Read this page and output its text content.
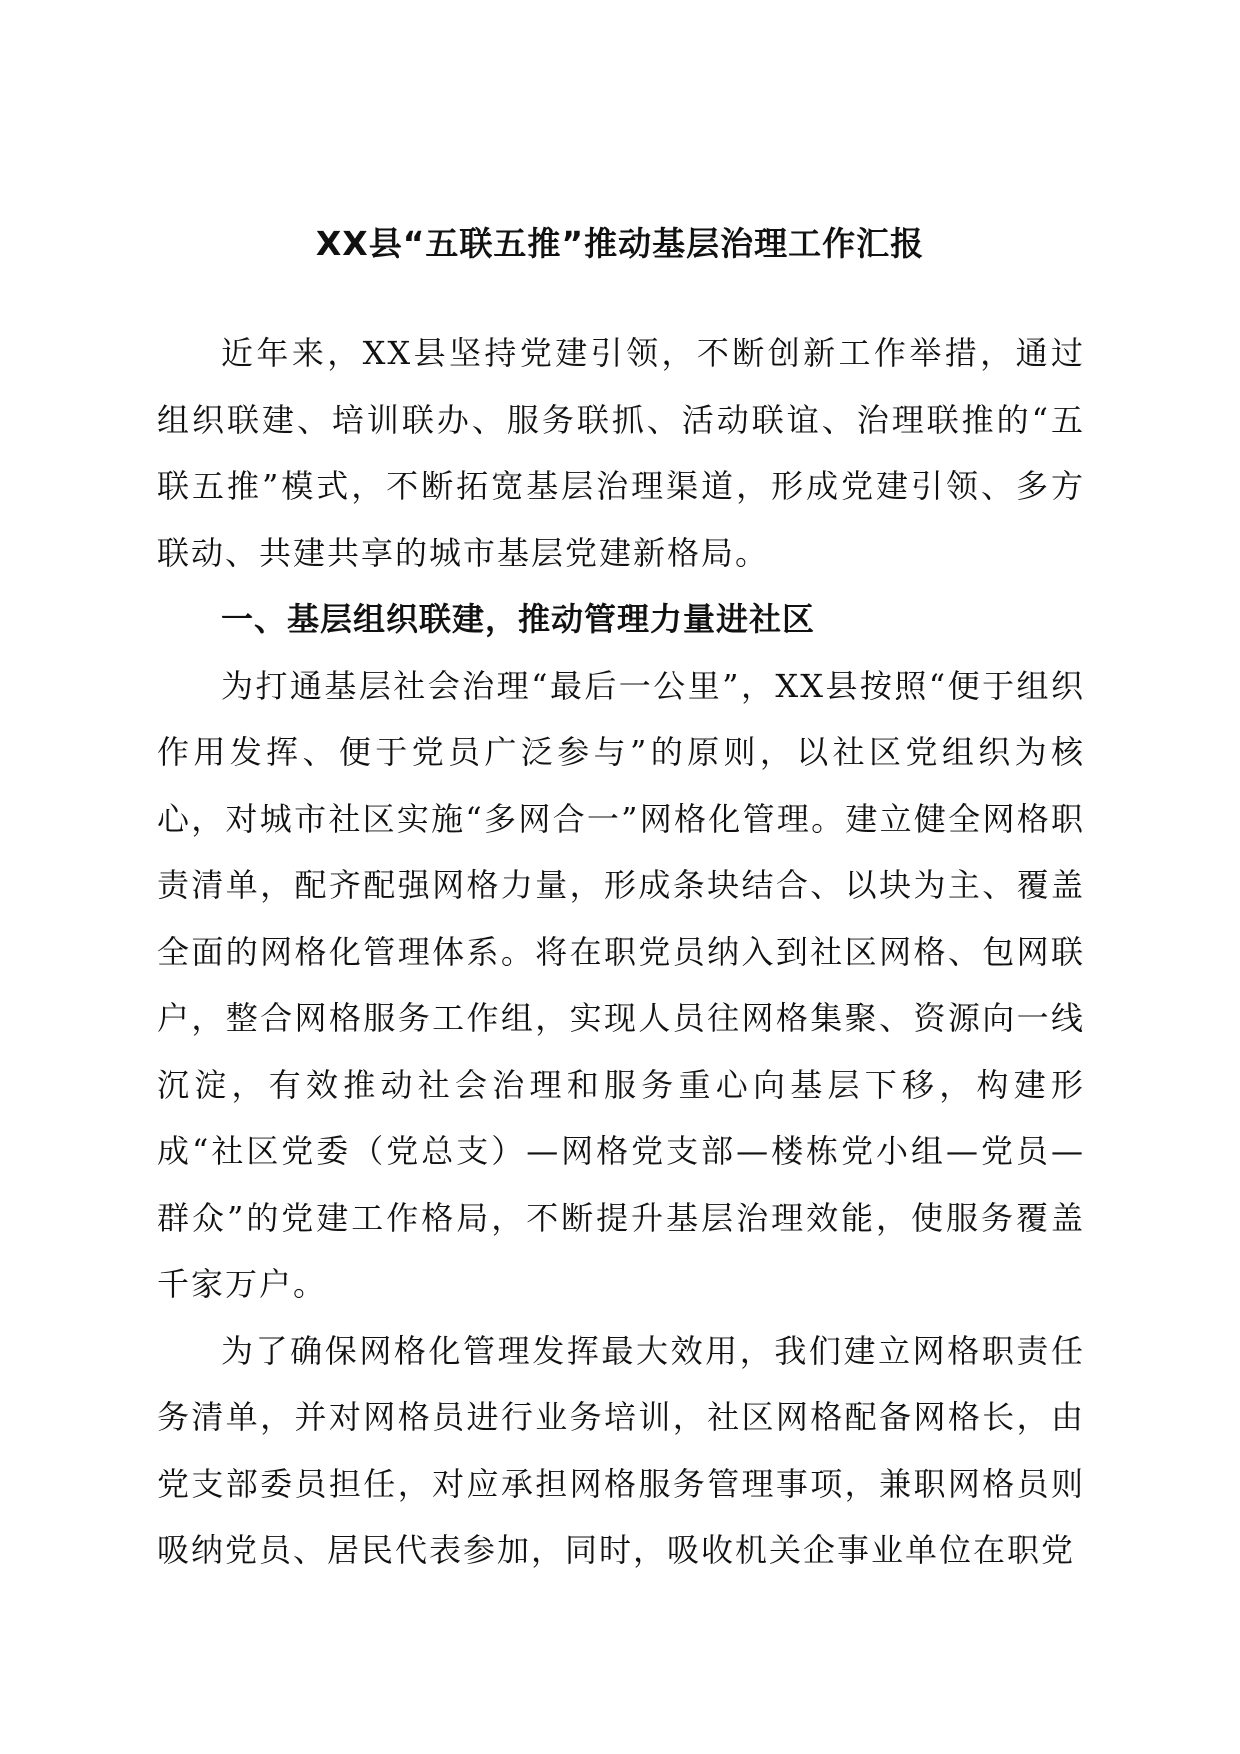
XX县“五联五推”推动基层治理工作汇报

近年来，XX县坚持党建引领，不断创新工作举措，通过组织联建、培训联办、服务联抓、活动联谊、治理联推的“五联五推”模式，不断拓宽基层治理渠道，形成党建引领、多方联动、共建共享的城市基层党建新格局。

一、基层组织联建，推动管理力量进社区

为打通基层社会治理“最后一公里”，XX县按照“便于组织作用发挥、便于党员广泛参与”的原则，以社区党组织为核心，对城市社区实施“多网合一”网格化管理。建立健全网格职责清单，配齐配强网格力量，形成条块结合、以块为主、覆盖全面的网格化管理体系。将在职党员纳入到社区网格、包网联户，整合网格服务工作组，实现人员往网格集聚、资源向一线沉淀，有效推动社会治理和服务重心向基层下移，构建形成“社区党委（党总支）—网格党支部—楼栋党小组—党员—群众”的党建工作格局，不断提升基层治理效能，使服务覆盖千家万户。

为了确保网格化管理发挥最大效用，我们建立网格职责任务清单，并对网格员进行业务培训，社区网格配备网格长，由党支部委员担任，对应承担网格服务管理事项，兼职网格员则吸纳党员、居民代表参加，同时，吸收机关企事业单位在职党
